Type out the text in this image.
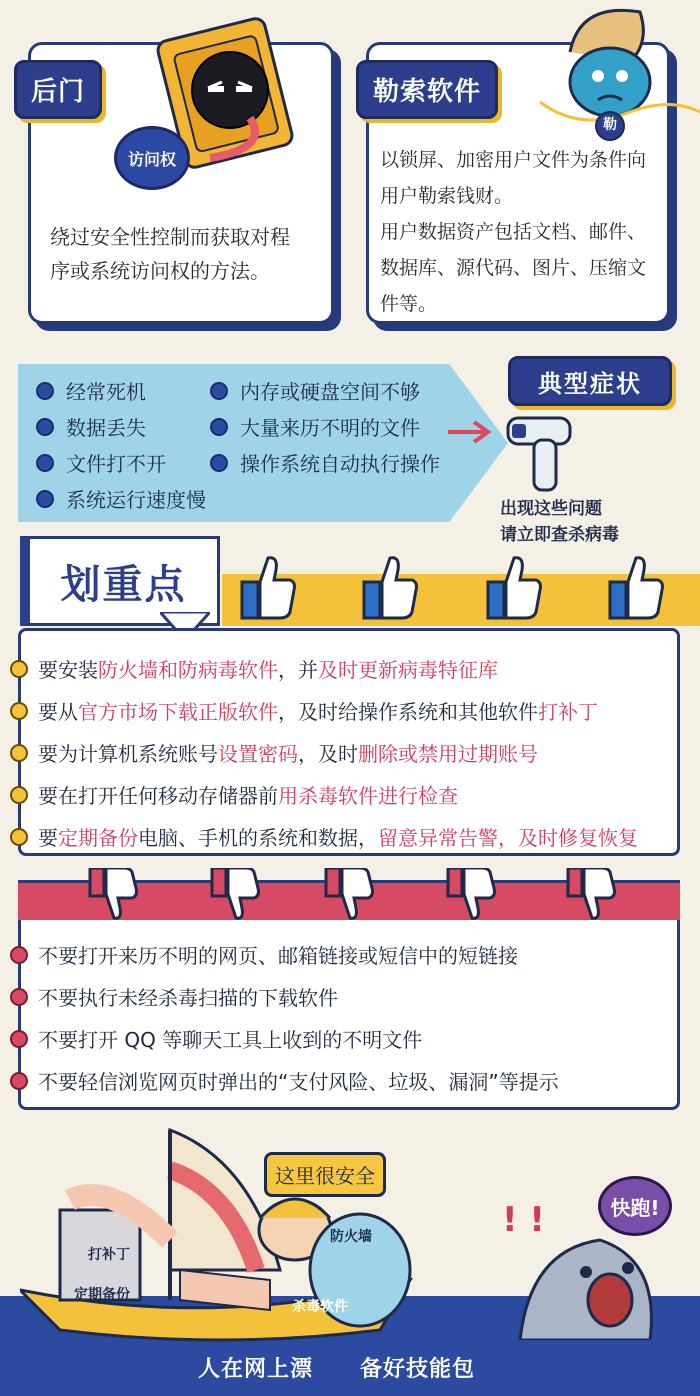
后门
访问权
绕过安全性控制而获取对程
序或系统访问权的方法。
勒索软件
勒
以锁屏、加密用户文件为条件向
用户勒索钱财。
用户数据资产包括文档、邮件、
数据库、源代码、图片、压缩文
件等。
经常死机
数据丢失
文件打不开
系统运行速度慢
内存或硬盘空间不够
大量来历不明的文件
操作系统自动执行操作
典型症状
出现这些问题
请立即查杀病毒
划重点
要安装 防火墙和防病毒软件 ，并 及时更新病毒特征库
要从 官方市场下载正版软件 ，及时给操作系统和其他软件 打补丁
要为计算机系统账号 设置密码 ，及时 删除或禁用过期账号
要在打开任何移动存储器前 用杀毒软件进行检查
要 定期备份 电脑、手机的系统和数据， 留意异常告警，及时修复恢复
不要打开来历不明的网页、邮箱链接或短信中的短链接
不要执行未经杀毒扫描的下载软件
不要打开 QQ 等聊天工具上收到的不明文件
不要轻信浏览网页时弹出的“支付风险、垃圾、漏洞”等提示
打补丁
定期备份
防火墙
杀毒软件
这里很安全
! !	快跑!
人在网上漂 备好技能包
